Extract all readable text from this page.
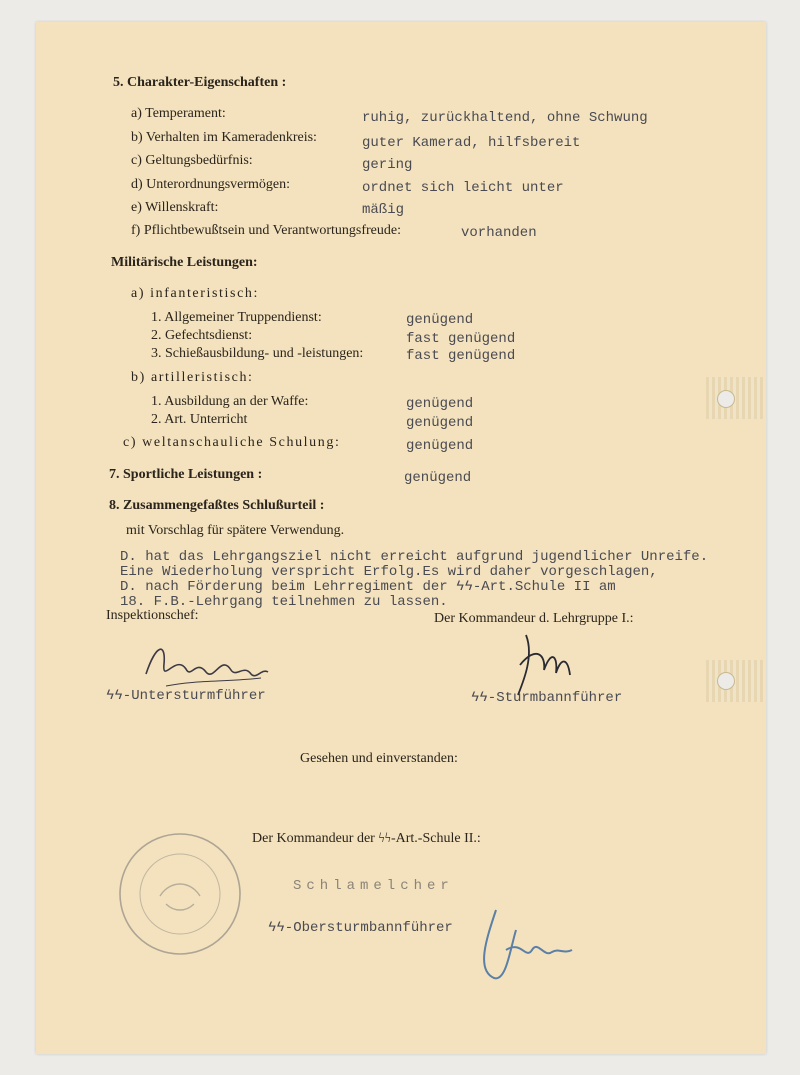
5. Charakter-Eigenschaften :
a) Temperament:	ruhig, zurückhaltend, ohne Schwung
b) Verhalten im Kameradenkreis:	guter Kamerad, hilfsbereit
c) Geltungsbedürfnis:	gering
d) Unterordnungsvermögen:	ordnet sich leicht unter
e) Willenskraft:	mäßig
f) Pflichtbewußtsein und Verantwortungsfreude:	vorhanden
Militärische Leistungen:
a) infanteristisch:
1. Allgemeiner Truppendienst:	genügend
2. Gefechtsdienst:	fast genügend
3. Schießausbildung- und -leistungen:	fast genügend
b) artilleristisch:
1. Ausbildung an der Waffe:	genügend
2. Art. Unterricht	genügend
c) weltanschauliche Schulung:	genügend
7. Sportliche Leistungen :	genügend
8. Zusammengefaßtes Schlußurteil :
mit Vorschlag für spätere Verwendung.
D. hat das Lehrgangsziel nicht erreicht aufgrund jugendlicher Unreife.
Eine Wiederholung verspricht Erfolg.Es wird daher vorgeschlagen,
D. nach Förderung beim Lehrregiment der ϟϟ-Art.Schule II am
18. F.B.-Lehrgang teilnehmen zu lassen.
Inspektionschef:	Der Kommandeur d. Lehrgruppe I.:
ϟϟ-Untersturmführer	ϟϟ-Sturmbannführer
Gesehen und einverstanden:
Der Kommandeur der ϟϟ-Art.-Schule II.:
Schlamelcher
ϟϟ-Obersturmbannführer
